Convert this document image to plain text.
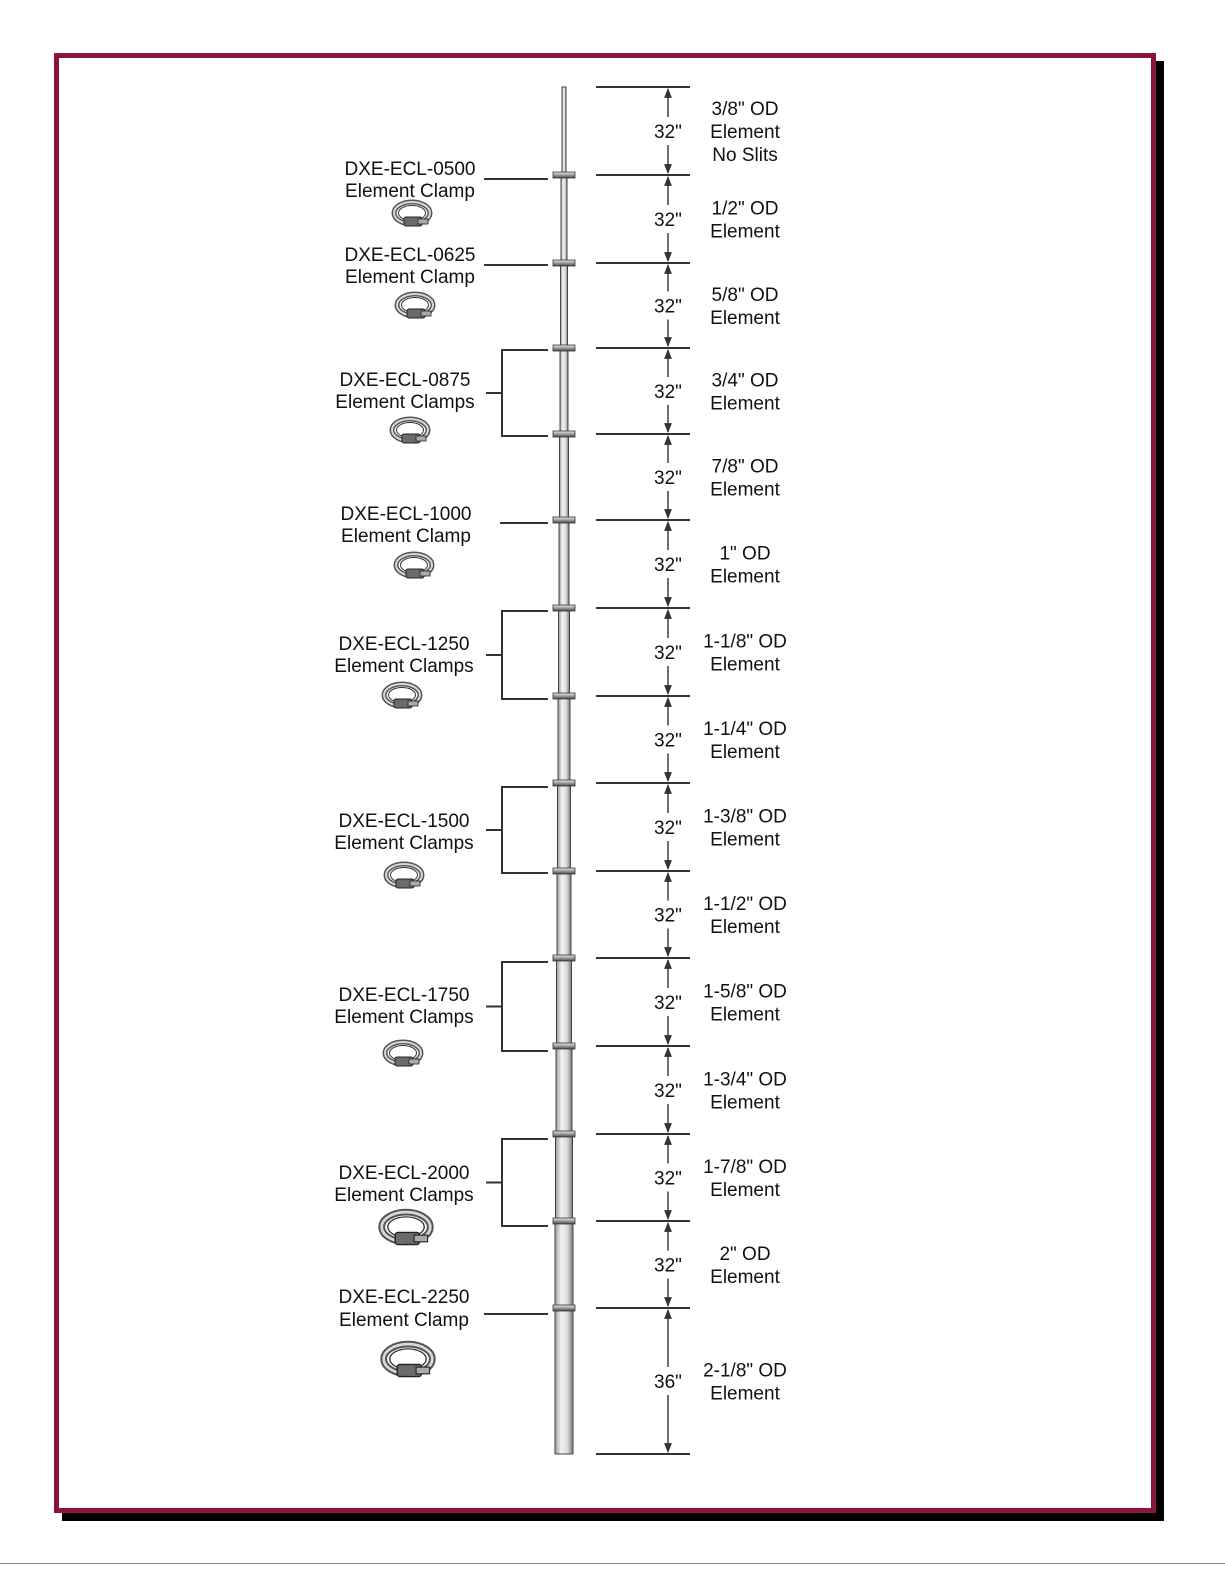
32"
32"
32"
32"
32"
32"
32"
32"
32"
32"
32"
32"
32"
32"
36"
3/8" OD
Element
No Slits
1/2" OD
Element
5/8" OD
Element
3/4" OD
Element
7/8" OD
Element
1" OD
Element
1-1/8" OD
Element
1-1/4" OD
Element
1-3/8" OD
Element
1-1/2" OD
Element
1-5/8" OD
Element
1-3/4" OD
Element
1-7/8" OD
Element
2" OD
Element
2-1/8" OD
Element
DXE-ECL-0500
Element Clamp
DXE-ECL-0625
Element Clamp
DXE-ECL-0875
Element Clamps
DXE-ECL-1000
Element Clamp
DXE-ECL-1250
Element Clamps
DXE-ECL-1500
Element Clamps
DXE-ECL-1750
Element Clamps
DXE-ECL-2000
Element Clamps
DXE-ECL-2250
Element Clamp
